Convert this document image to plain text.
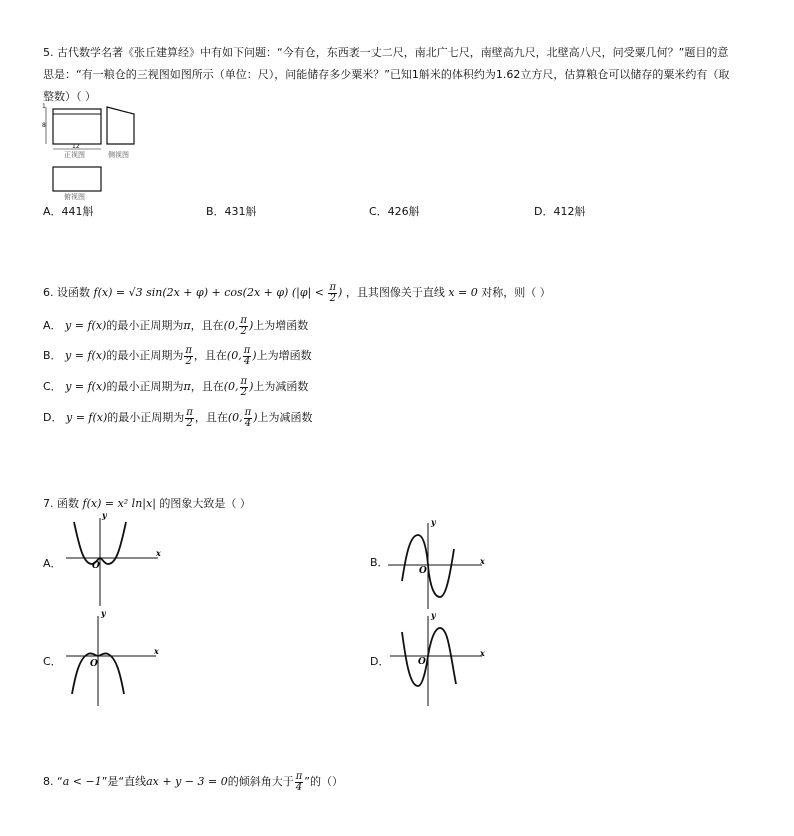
5. 古代数学名著《张丘建算经》中有如下问题：“今有仓，东西袤一丈二尺，南北广七尺，南壁高九尺，北壁高八尺，问受粟几何？”题目的意
思是：“有一粮仓的三视图如图所示（单位：尺），问能储存多少粟米？”已知1斛米的体积约为1.62立方尺，估算粮仓可以储存的粟米约有（取
整数）（ ）
1
8
12
正视图	侧视图
俯视图
A．441斛	B．431斛	C．426斛	D．412斛
6. 设函数 f(x) = √3 sin(2x + φ) + cos(2x + φ) ($|\varphi| < \frac{\pi}{2}$ ) ，且其图像关于直线 x = 0 对称，则（ ）
A． y = f(x)的最小正周期为π，且在(0, $\frac{\pi}{2}$ )上为增函数
B． y = f(x)的最小正周期为 $\frac{\pi}{2}$ ，且在(0, $\frac{\pi}{4}$ )上为增函数
C． y = f(x)的最小正周期为π，且在(0, $\frac{\pi}{2}$ )上为减函数
D． y = f(x)的最小正周期为 $\frac{\pi}{2}$ ，且在(0, $\frac{\pi}{4}$ )上为减函数
7. 函数 f(x) = x² ln|x| 的图象大致是（ ）
A．
y
x
O	B．
y
x
O
C．
y
x
O	D．
y
x
O
8. “a < −1”是“直线ax + y − 3 = 0的倾斜角大于 $\frac{\pi}{4}$ ”的（）
